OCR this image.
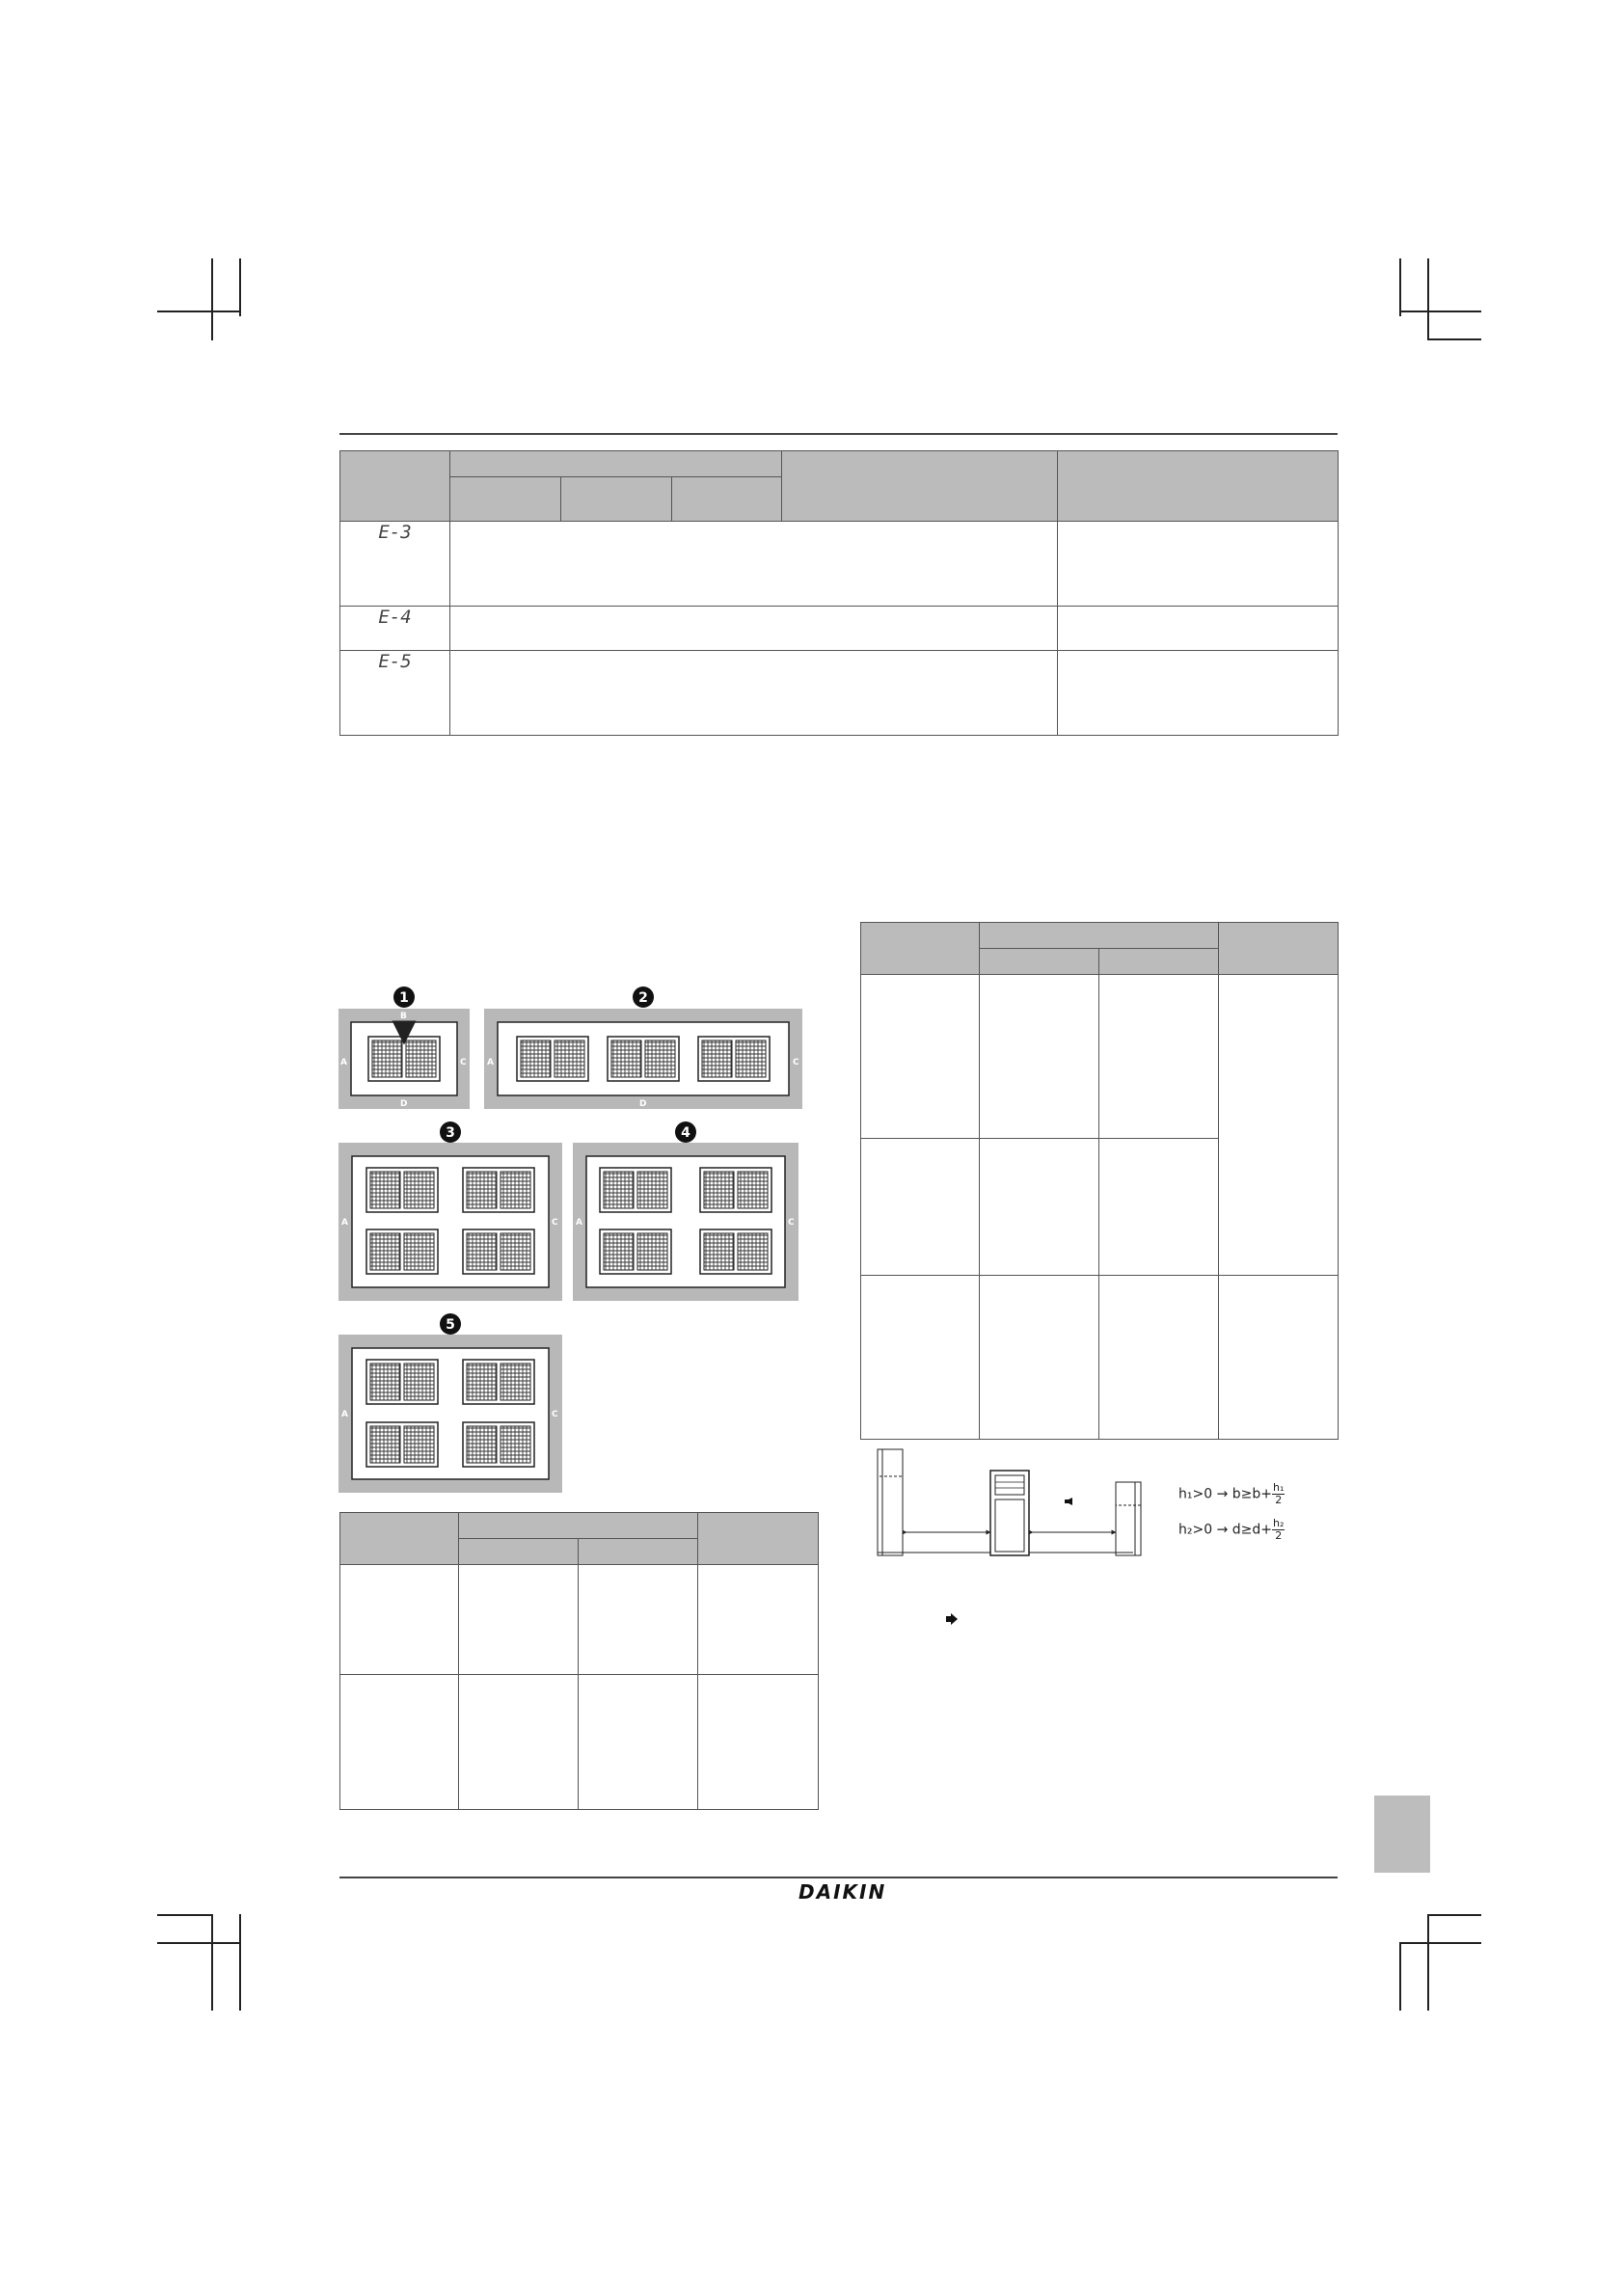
E-3					
E-4					
E-5					
1
A
B
C
D
2
A	C
D
3
A	C
4
A	C
5
A	C

$h_1>0 \to b\ge b+ \frac{\text{h₁}}{2}$
$h_2>0 \to d\ge d+ \frac{\text{h₂}}{2}$
DAIKIN
